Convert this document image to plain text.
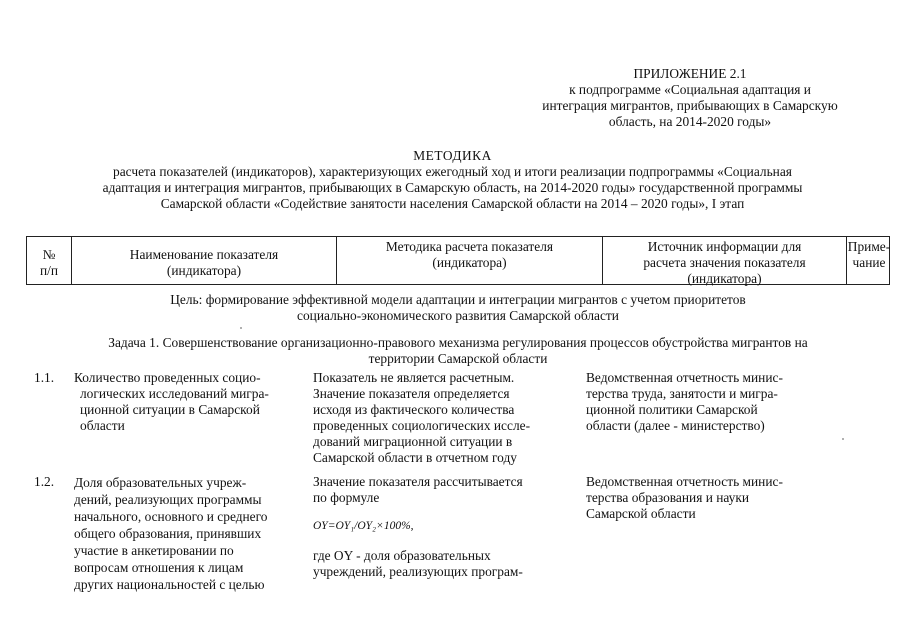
ПРИЛОЖЕНИЕ 2.1
к подпрограмме «Социальная адаптация и
интеграция мигрантов, прибывающих в Самарскую
область, на 2014-2020 годы»
МЕТОДИКА
расчета показателей (индикаторов), характеризующих ежегодный ход и итоги реализации подпрограммы «Социальная
адаптация и интеграция мигрантов, прибывающих в Самарскую область, на 2014-2020 годы» государственной программы
Самарской области «Содействие занятости населения Самарской области на 2014 – 2020 годы», I этап
№
п/п
Наименование показателя
(индикатора)
Методика расчета показателя
(индикатора)
Источник информации для
расчета значения показателя
(индикатора)
Приме-
чание
Цель: формирование эффективной модели адаптации и интеграции мигрантов с учетом приоритетов
социально-экономического развития Самарской области
Задача 1. Совершенствование организационно-правового механизма регулирования процессов обустройства мигрантов на
территории Самарской области
1.1. Количество проведенных социо-
логических исследований мигра-
ционной ситуации в Самарской
области
Показатель не является расчетным.
Значение показателя определяется
исходя из фактического количества
проведенных социологических иссле-
дований миграционной ситуации в
Самарской области в отчетном году
Ведомственная отчетность минис-
терства труда, занятости и мигра-
ционной политики Самарской
области (далее - министерство)
1.2. Доля образовательных учреж-
дений, реализующих программы
начального, основного и среднего
общего образования, принявших
участие в анкетировании по
вопросам отношения к лицам
других национальностей с целью
Значение показателя рассчитывается
по формуле
OY=OY₁/OY₂×100%,
где OY - доля образовательных
учреждений, реализующих програм-
Ведомственная отчетность минис-
терства образования и науки
Самарской области
